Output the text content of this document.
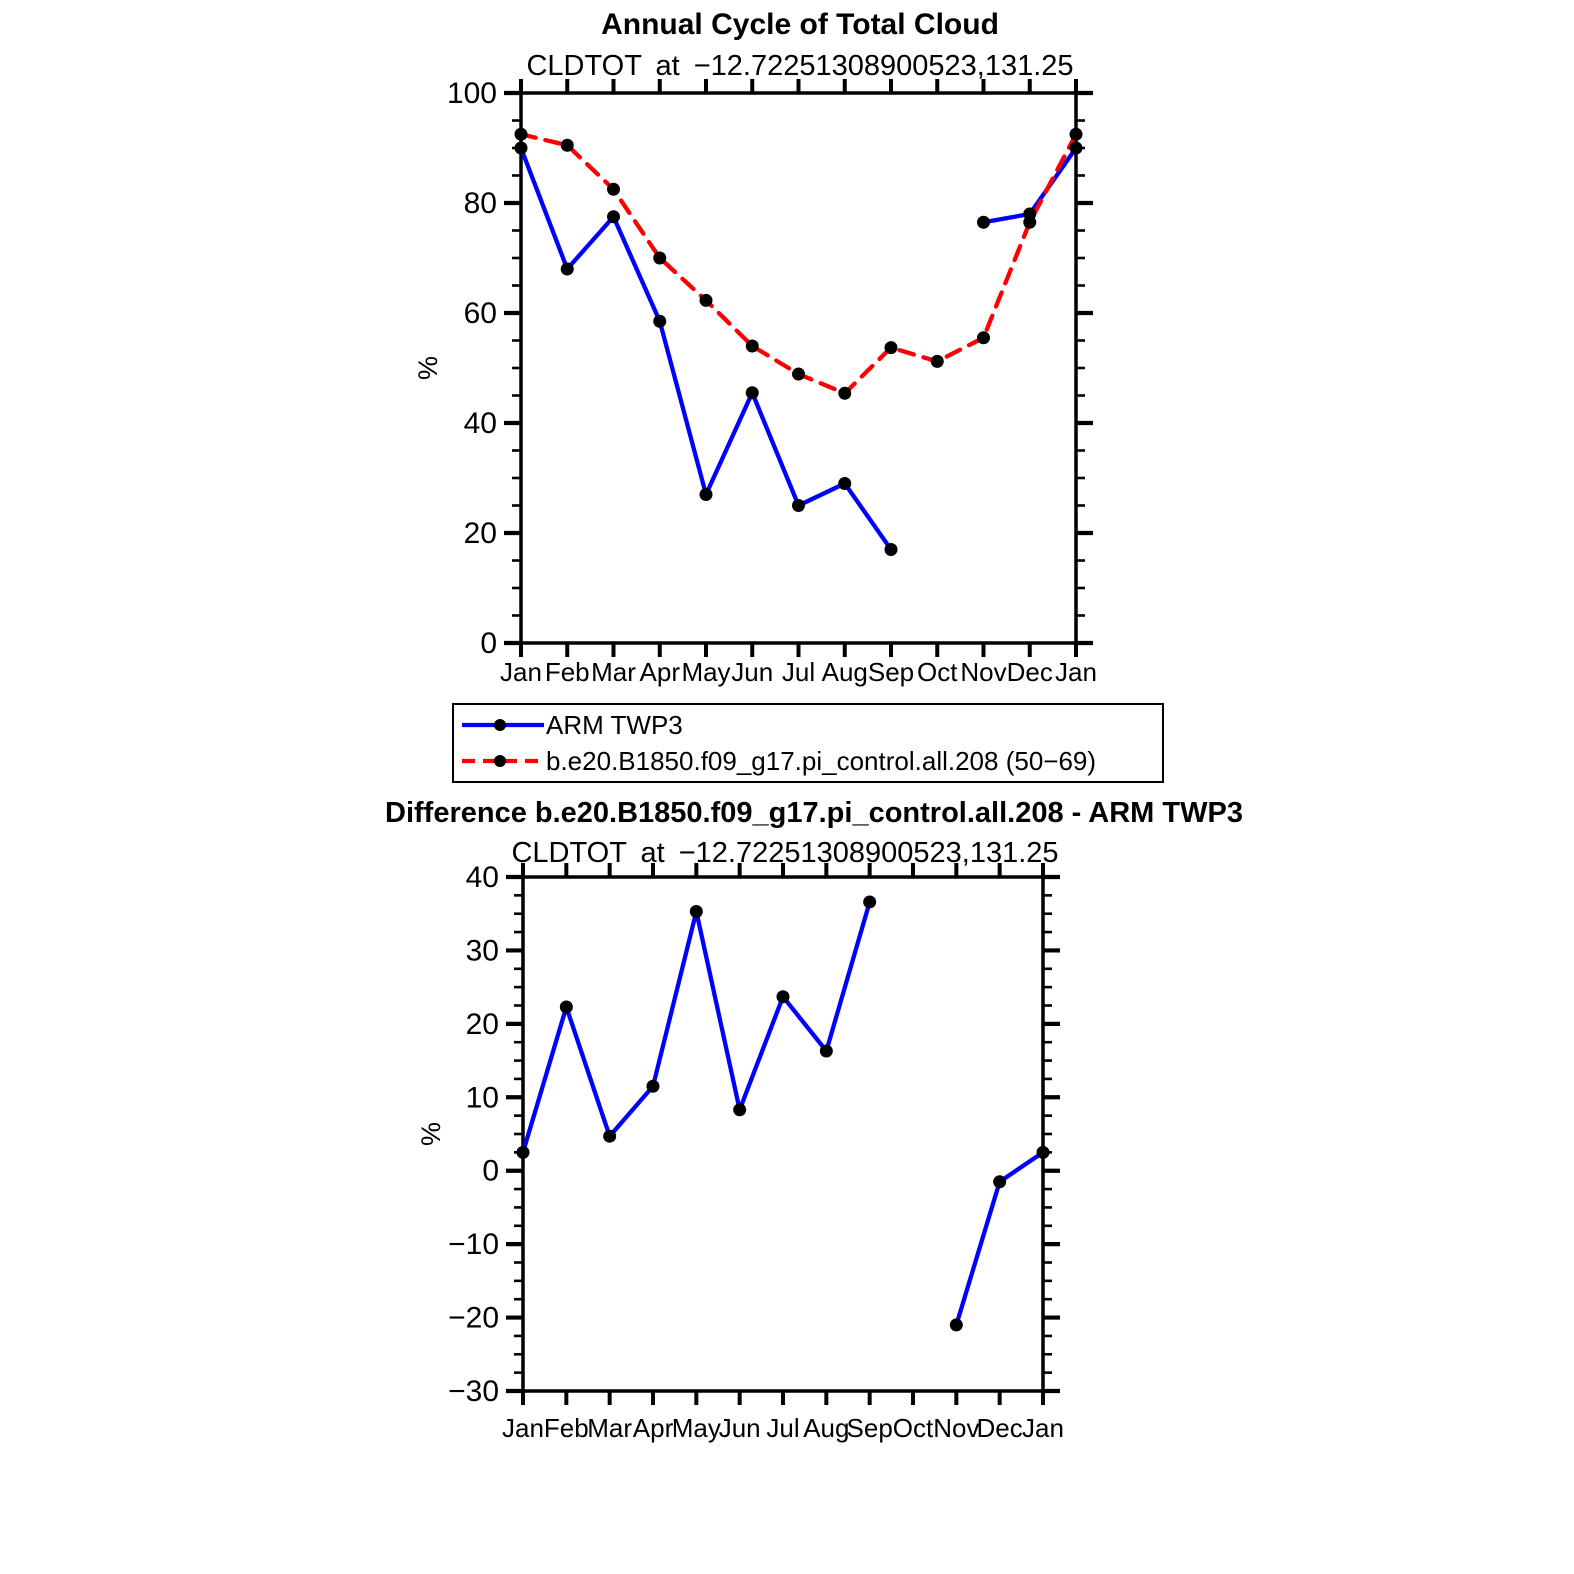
0
20
40
60
80
100
Jan Feb Mar Apr May Jun Jul Aug Sep Oct Nov Dec Jan
%
−30
−20
−10
0
10
20
30
40
Jan Feb
Mar Apr
May
Jun Jul Aug
Sep Oct Nov
Dec Jan
%
Annual Cycle of Total Cloud
CLDTOT at −12.72251308900523,131.25
ARM TWP3
b.e20.B1850.f09_g17.pi_control.all.208 (50−69)
Difference b.e20.B1850.f09_g17.pi_control.all.208 - ARM TWP3
CLDTOT at −12.72251308900523,131.25
